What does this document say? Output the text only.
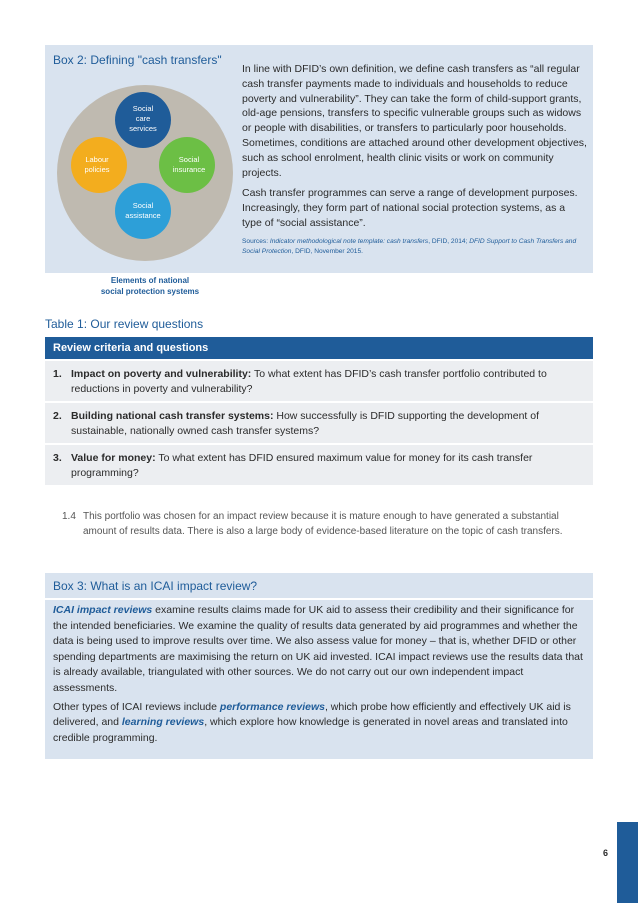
Box 2: Defining "cash transfers"
Social
care
services
Social
insurance
Social
assistance
Labour
policies
Elements of national
social protection systems

In line with DFID’s own definition, we define cash transfers as “all regular cash transfer payments made to individuals and households to reduce poverty and vulnerability”. They can take the form of child-support grants, old-age pensions, transfers to specific vulnerable groups such as widows or people with disabilities, or transfers to particularly poor households. Sometimes, conditions are attached around other development objectives, such as school enrolment, health clinic visits or work on community projects.

Cash transfer programmes can serve a range of development purposes. Increasingly, they form part of national social protection systems, as a type of “social assistance”.

Sources: Indicator methodological note template: cash transfers, DFID, 2014; DFID Support to Cash Transfers and Social Protection, DFID, November 2015.

Table 1: Our review questions
Review criteria and questions
1. Impact on poverty and vulnerability: To what extent has DFID’s cash transfer portfolio contributed to reductions in poverty and vulnerability?
2. Building national cash transfer systems: How successfully is DFID supporting the development of sustainable, nationally owned cash transfer systems?
3. Value for money: To what extent has DFID ensured maximum value for money for its cash transfer programming?
1.4 This portfolio was chosen for an impact review because it is mature enough to have generated a substantial amount of results data. There is also a large body of evidence-based literature on the topic of cash transfers.
Box 3: What is an ICAI impact review?

ICAI impact reviews examine results claims made for UK aid to assess their credibility and their significance for the intended beneficiaries. We examine the quality of results data generated by aid programmes and whether the data is being used to improve results over time. We also assess value for money – that is, whether DFID or other spending departments are maximising the return on UK aid invested. ICAI impact reviews use the results data that is already available, triangulated with other sources. We do not carry out our own independent impact assessments.

Other types of ICAI reviews include performance reviews, which probe how efficiently and effectively UK aid is delivered, and learning reviews, which explore how knowledge is generated in novel areas and translated into credible programming.

6
